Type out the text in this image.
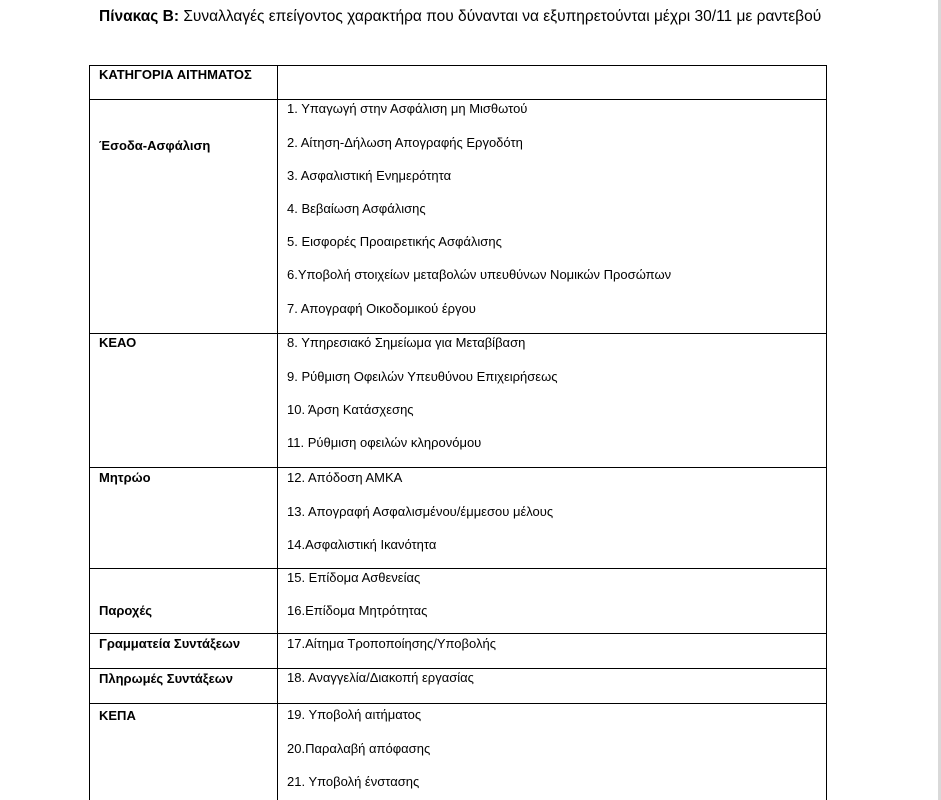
Πίνακας Β: Συναλλαγές επείγοντος χαρακτήρα που δύνανται να εξυπηρετούνται μέχρι 30/11 με ραντεβού
ΚΑΤΗΓΟΡΙΑ ΑΙΤΗΜΑΤΟΣ
Έσοδα-Ασφάλιση
ΚΕΑΟ
Μητρώο
Παροχές
Γραμματεία Συντάξεων
Πληρωμές Συντάξεων
ΚΕΠΑ
1. Υπαγωγή στην Ασφάλιση μη Μισθωτού
2. Αίτηση-Δήλωση Απογραφής Εργοδότη
3. Ασφαλιστική Ενημερότητα
4. Βεβαίωση Ασφάλισης
5. Εισφορές Προαιρετικής Ασφάλισης
6.Υποβολή στοιχείων μεταβολών υπευθύνων Νομικών Προσώπων
7. Απογραφή Οικοδομικού έργου
8. Υπηρεσιακό Σημείωμα για Μεταβίβαση
9. Ρύθμιση Οφειλών Υπευθύνου Επιχειρήσεως
10. Άρση Κατάσχεσης
11. Ρύθμιση οφειλών κληρονόμου
12. Απόδοση ΑΜΚΑ
13. Απογραφή Ασφαλισμένου/έμμεσου μέλους
14.Ασφαλιστική Ικανότητα
15. Επίδομα Ασθενείας
16.Επίδομα Μητρότητας
17.Αίτημα Τροποποίησης/Υποβολής
18. Αναγγελία/Διακοπή εργασίας
19. Υποβολή αιτήματος
20.Παραλαβή απόφασης
21. Υποβολή ένστασης
